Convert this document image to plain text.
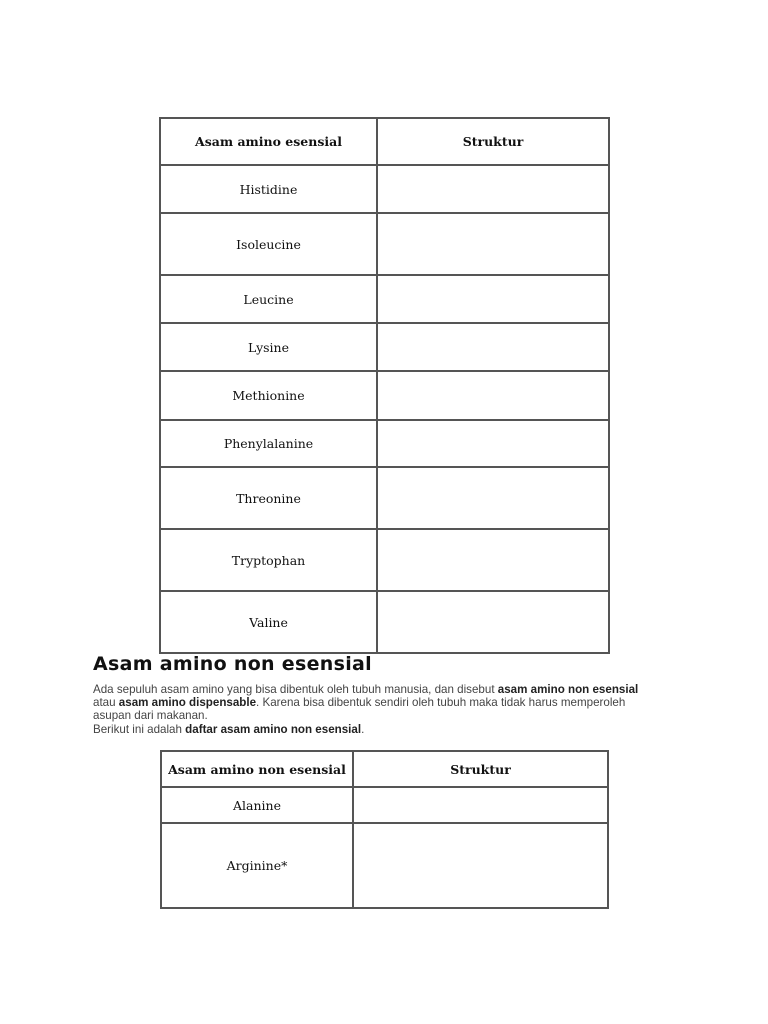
Asam amino esensial	Struktur
Histidine	
Isoleucine	
Leucine	
Lysine	
Methionine	
Phenylalanine	
Threonine	
Tryptophan	
Valine	
Asam amino non esensial

Ada sepuluh asam amino yang bisa dibentuk oleh tubuh manusia, dan disebut asam amino non esensial atau asam amino dispensable. Karena bisa dibentuk sendiri oleh tubuh maka tidak harus memperoleh asupan dari makanan.
Berikut ini adalah daftar asam amino non esensial.

Asam amino non esensial	Struktur
Alanine	
Arginine*	
